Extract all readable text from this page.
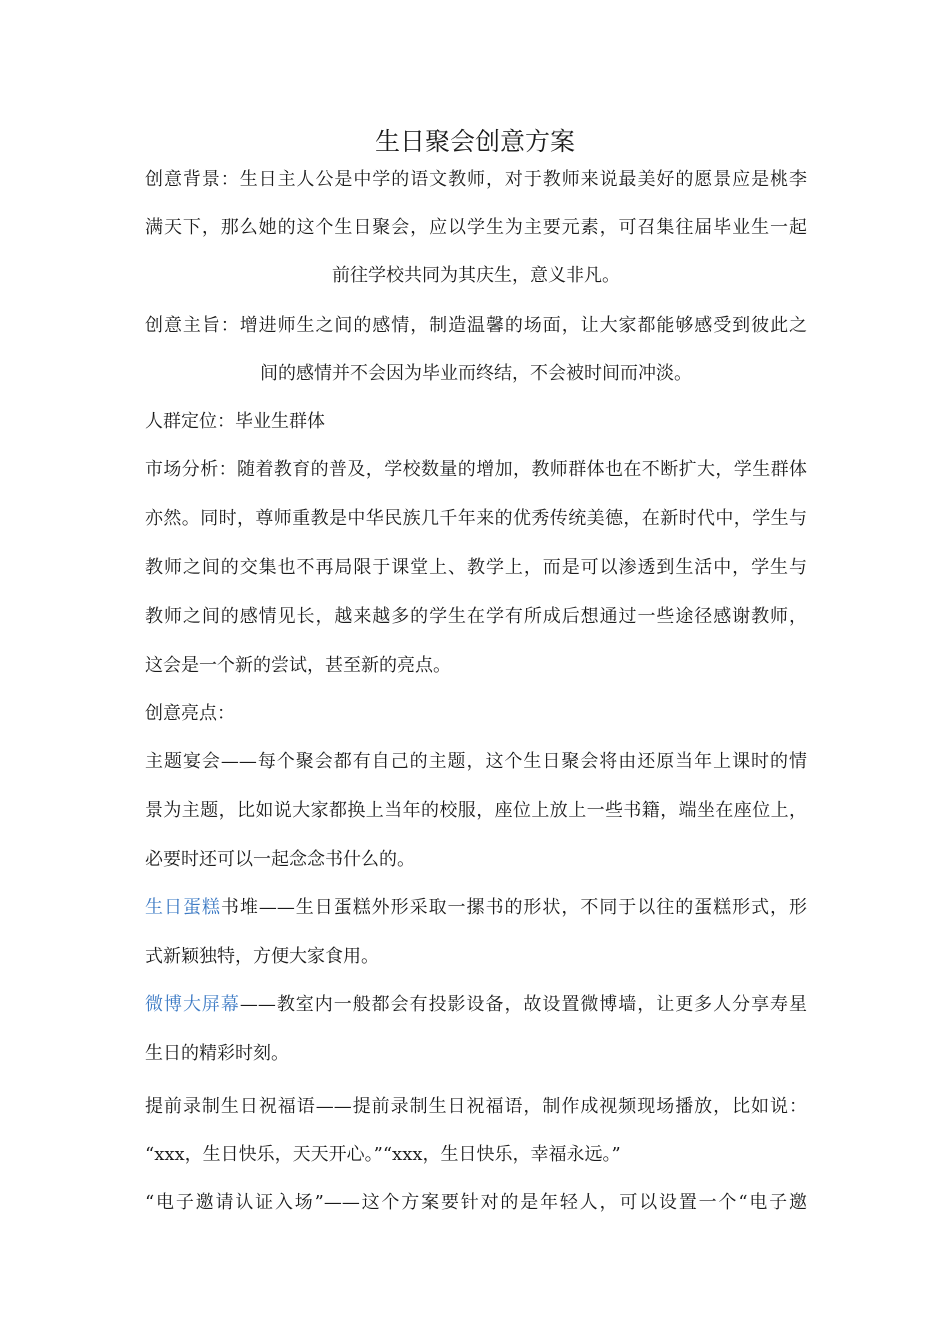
生日聚会创意方案
创意背景：生日主人公是中学的语文教师，对于教师来说最美好的愿景应是桃李
满天下，那么她的这个生日聚会，应以学生为主要元素，可召集往届毕业生一起
前往学校共同为其庆生，意义非凡。
创意主旨：增进师生之间的感情，制造温馨的场面，让大家都能够感受到彼此之
间的感情并不会因为毕业而终结，不会被时间而冲淡。
人群定位：毕业生群体
市场分析：随着教育的普及，学校数量的增加，教师群体也在不断扩大，学生群体
亦然。同时，尊师重教是中华民族几千年来的优秀传统美德，在新时代中，学生与
教师之间的交集也不再局限于课堂上、教学上，而是可以渗透到生活中，学生与
教师之间的感情见长，越来越多的学生在学有所成后想通过一些途径感谢教师，
这会是一个新的尝试，甚至新的亮点。
创意亮点：
主题宴会——每个聚会都有自己的主题，这个生日聚会将由还原当年上课时的情
景为主题，比如说大家都换上当年的校服，座位上放上一些书籍，端坐在座位上，
必要时还可以一起念念书什么的。
生日蛋糕书堆——生日蛋糕外形采取一摞书的形状，不同于以往的蛋糕形式，形
式新颖独特，方便大家食用。
微博大屏幕——教室内一般都会有投影设备，故设置微博墙，让更多人分享寿星
生日的精彩时刻。
提前录制生日祝福语——提前录制生日祝福语，制作成视频现场播放，比如说：
“xxx，生日快乐，天天开心。”“xxx，生日快乐，幸福永远。”
“电子邀请认证入场”——这个方案要针对的是年轻人，可以设置一个“电子邀
